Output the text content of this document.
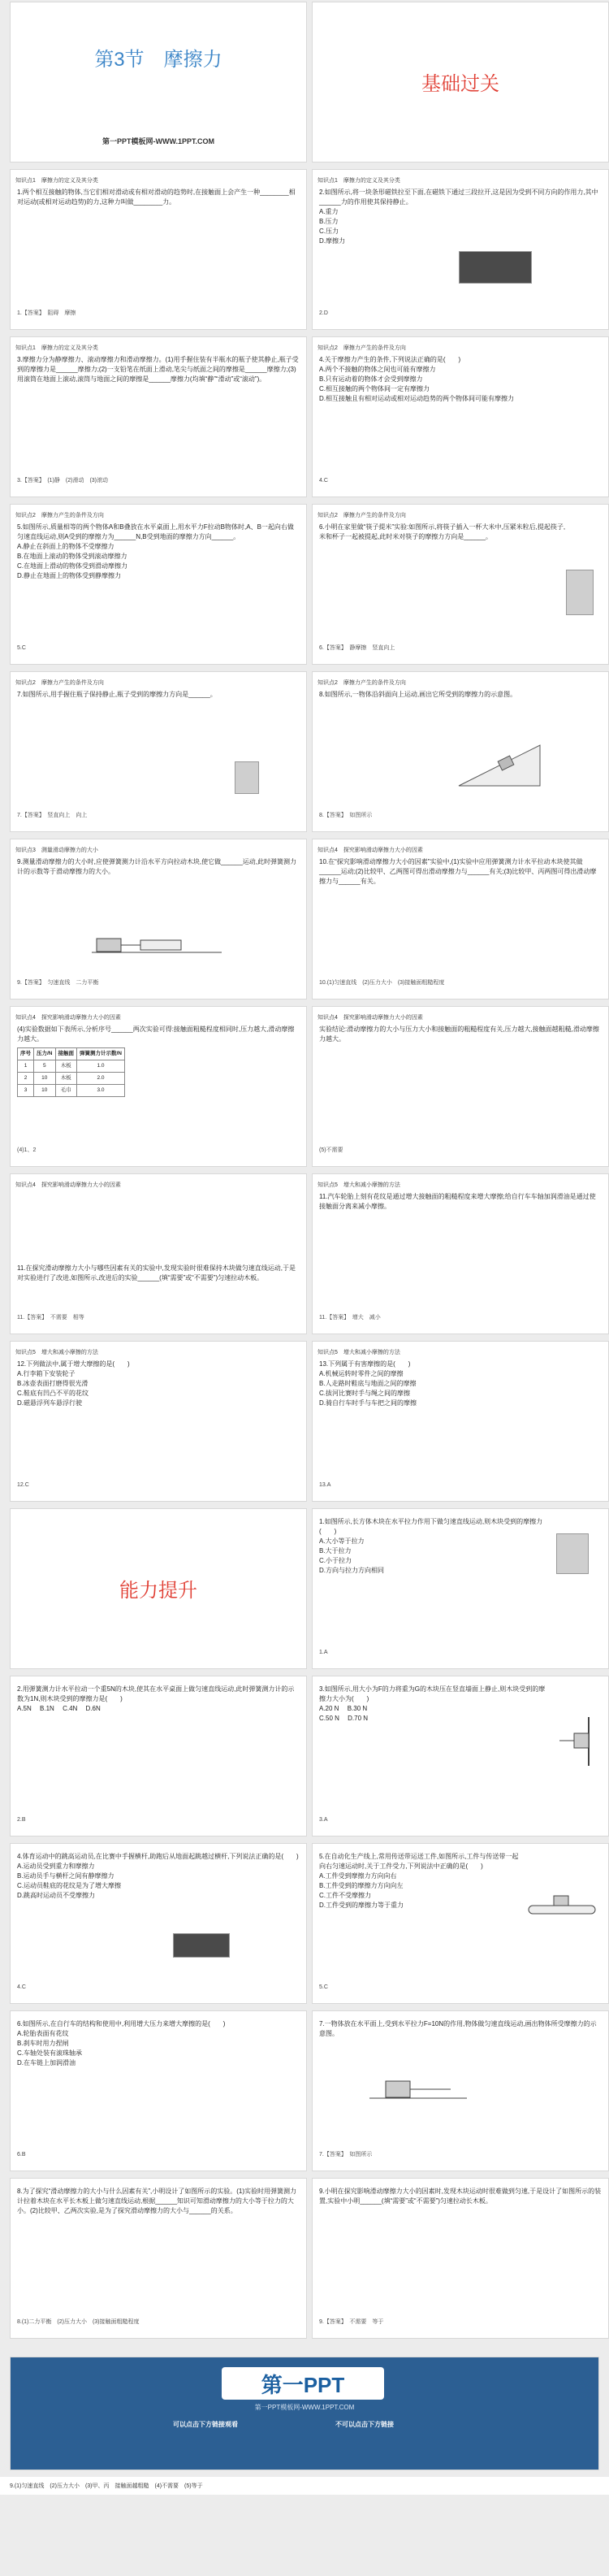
第3节　摩擦力
第一PPT模板网-WWW.1PPT.COM
基础过关
知识点1　摩擦力的定义及其分类
1.两个相互接触的物体,当它们相对滑动或有相对滑动的趋势时,在接触面上会产生一种________相对运动(或相对运动趋势)的力,这种力叫做________力。
1.【答案】　阻碍　摩擦
知识点1　摩擦力的定义及其分类
2.如图所示,将一块条形磁铁拉至下面,在磁铁下通过三段拉开,这是因为受到不同方向的作用力,其中______力的作用使其保持静止。
A.重力
B.压力
C.压力
D.摩擦力
2.D
知识点1　摩擦力的定义及其分类
3.摩擦力分为静摩擦力、滚动摩擦力和滑动摩擦力。(1)用手握住装有半瓶水的瓶子使其静止,瓶子受到的摩擦力是______摩擦力;(2)一支铅笔在纸面上滑动,笔尖与纸面之间的摩擦是______摩擦力;(3)用滚筒在地面上滚动,滚筒与地面之间的摩擦是______摩擦力(均填“静”“滑动”或“滚动”)。
3.【答案】　(1)静　(2)滑动　(3)滚动
知识点2　摩擦力产生的条件及方向
4.关于摩擦力产生的条件,下列说法正确的是(　　)
A.两个不接触的物体之间也可能有摩擦力
B.只有运动着的物体才会受到摩擦力
C.相互接触的两个物体间一定有摩擦力
D.相互接触且有相对运动或相对运动趋势的两个物体间可能有摩擦力
4.C
知识点2　摩擦力产生的条件及方向
5.如图所示,质量相等的两个物体A和B叠放在水平桌面上,用水平力F拉动B物体时,A、B一起向右做匀速直线运动,则A受到的摩擦力为______N,B受到地面的摩擦力方向______。
A.静止在斜面上的物体不受摩擦力
B.在地面上滚动的物体受到滚动摩擦力
C.在地面上滑动的物体受到滑动摩擦力
D.静止在地面上的物体受到静摩擦力
5.C
知识点2　摩擦力产生的条件及方向
6.小明在家里做“筷子提米”实验:如图所示,将筷子插入一杯大米中,压紧米粒后,提起筷子,米和杯子一起被提起,此时米对筷子的摩擦力方向是______。
6.【答案】　静摩擦　竖直向上
知识点2　摩擦力产生的条件及方向
7.如图所示,用手握住瓶子保持静止,瓶子受到的摩擦力方向是______。
7.【答案】　竖直向上　向上
知识点2　摩擦力产生的条件及方向
8.如图所示,一物体沿斜面向上运动,画出它所受到的摩擦力的示意图。
8.【答案】　如图所示
知识点3　测量滑动摩擦力的大小
9.测量滑动摩擦力的大小时,应使弹簧测力计沿水平方向拉动木块,使它做______运动,此时弹簧测力计的示数等于滑动摩擦力的大小。
9.【答案】　匀速直线　二力平衡
知识点4　探究影响滑动摩擦力大小的因素
10.在“探究影响滑动摩擦力大小的因素”实验中,(1)实验中应用弹簧测力计水平拉动木块使其做______运动;(2)比较甲、乙两图可得出滑动摩擦力与______有关;(3)比较甲、丙两图可得出滑动摩擦力与______有关。
10.(1)匀速直线　(2)压力大小　(3)接触面粗糙程度
知识点4　探究影响滑动摩擦力大小的因素
(4)实验数据如下表所示,分析序号______两次实验可得:接触面粗糙程度相同时,压力越大,滑动摩擦力越大。
序号	压力/N	接触面	弹簧测力计示数/N
1	5	木板	1.0
2	10	木板	2.0
3	10	毛巾	3.0
(4)1、2
知识点4　探究影响滑动摩擦力大小的因素
实验结论:滑动摩擦力的大小与压力大小和接触面的粗糙程度有关,压力越大,接触面越粗糙,滑动摩擦力越大。
(5)不需要
知识点4　探究影响滑动摩擦力大小的因素
11.在探究滑动摩擦力大小与哪些因素有关的实验中,发现实验时很难保持木块做匀速直线运动,于是对实验进行了改进,如图所示,改进后的实验______(填“需要”或“不需要”)匀速拉动木板。
11.【答案】　不需要　相等
知识点5　增大和减小摩擦的方法
11.汽车轮胎上刻有花纹是通过增大接触面的粗糙程度来增大摩擦;给自行车车轴加润滑油是通过使接触面分离来减小摩擦。
11.【答案】　增大　减小
知识点5　增大和减小摩擦的方法
12.下列做法中,属于增大摩擦的是(　　)
A.行李箱下安装轮子
B.冰壶表面打磨得很光滑
C.鞋底有凹凸不平的花纹
D.磁悬浮列车悬浮行驶
12.C
知识点5　增大和减小摩擦的方法
13.下列属于有害摩擦的是(　　)
A.机械运转时零件之间的摩擦
B.人走路时鞋底与地面之间的摩擦
C.拔河比赛时手与绳之间的摩擦
D.骑自行车时手与车把之间的摩擦
13.A
能力提升
1.如图所示,长方体木块在水平拉力作用下做匀速直线运动,则木块受到的摩擦力(　　)
A.大小等于拉力
B.大于拉力
C.小于拉力
D.方向与拉力方向相同
1.A
2.用弹簧测力计水平拉动一个重5N的木块,使其在水平桌面上做匀速直线运动,此时弹簧测力计的示数为1N,则木块受到的摩擦力是(　　)
A.5N　 B.1N　 C.4N　 D.6N
2.B
3.如图所示,用大小为F的力将重为G的木块压在竖直墙面上静止,则木块受到的摩擦力大小为(　　)
A.20 N　 B.30 N
C.50 N　 D.70 N
3.A
4.体育运动中的跳高运动员,在比赛中手握横杆,助跑后从地面起跳越过横杆,下列说法正确的是(　　)
A.运动员受到重力和摩擦力
B.运动员手与横杆之间有静摩擦力
C.运动员鞋底的花纹是为了增大摩擦
D.跳高时运动员不受摩擦力
4.C
5.在自动化生产线上,常用传送带运送工件,如图所示,工件与传送带一起向右匀速运动时,关于工件受力,下列说法中正确的是(　　)
A.工件受到摩擦力方向向右
B.工件受到的摩擦力方向向左
C.工件不受摩擦力
D.工件受到的摩擦力等于重力
5.C
6.如图所示,在自行车的结构和使用中,利用增大压力来增大摩擦的是(　　)
A.轮胎表面有花纹
B.刹车时用力捏闸
C.车轴处装有滚珠轴承
D.在车链上加润滑油
6.B
7.一物体放在水平面上,受到水平拉力F=10N的作用,物体做匀速直线运动,画出物体所受摩擦力的示意图。
7.【答案】　如图所示
8.为了探究“滑动摩擦力的大小与什么因素有关”,小明设计了如图所示的实验。(1)实验时用弹簧测力计拉着木块在水平长木板上做匀速直线运动,根据______知识可知滑动摩擦力的大小等于拉力的大小。(2)比较甲、乙两次实验,是为了探究滑动摩擦力的大小与______的关系。
8.(1)二力平衡　(2)压力大小　(3)接触面粗糙程度
9.小明在探究影响滑动摩擦力大小的因素时,发现木块运动时很难做到匀速,于是设计了如图所示的装置,实验中小明______(填“需要”或“不需要”)匀速拉动长木板。
9.【答案】　不需要　等于
第一PPT
第一PPT模板网-WWW.1PPT.COM
可以点击下方链接观看	不可以点击下方链接
9.(1)匀速直线　(2)压力大小　(3)甲、丙　接触面越粗糙　(4)不需要　(5)等于
